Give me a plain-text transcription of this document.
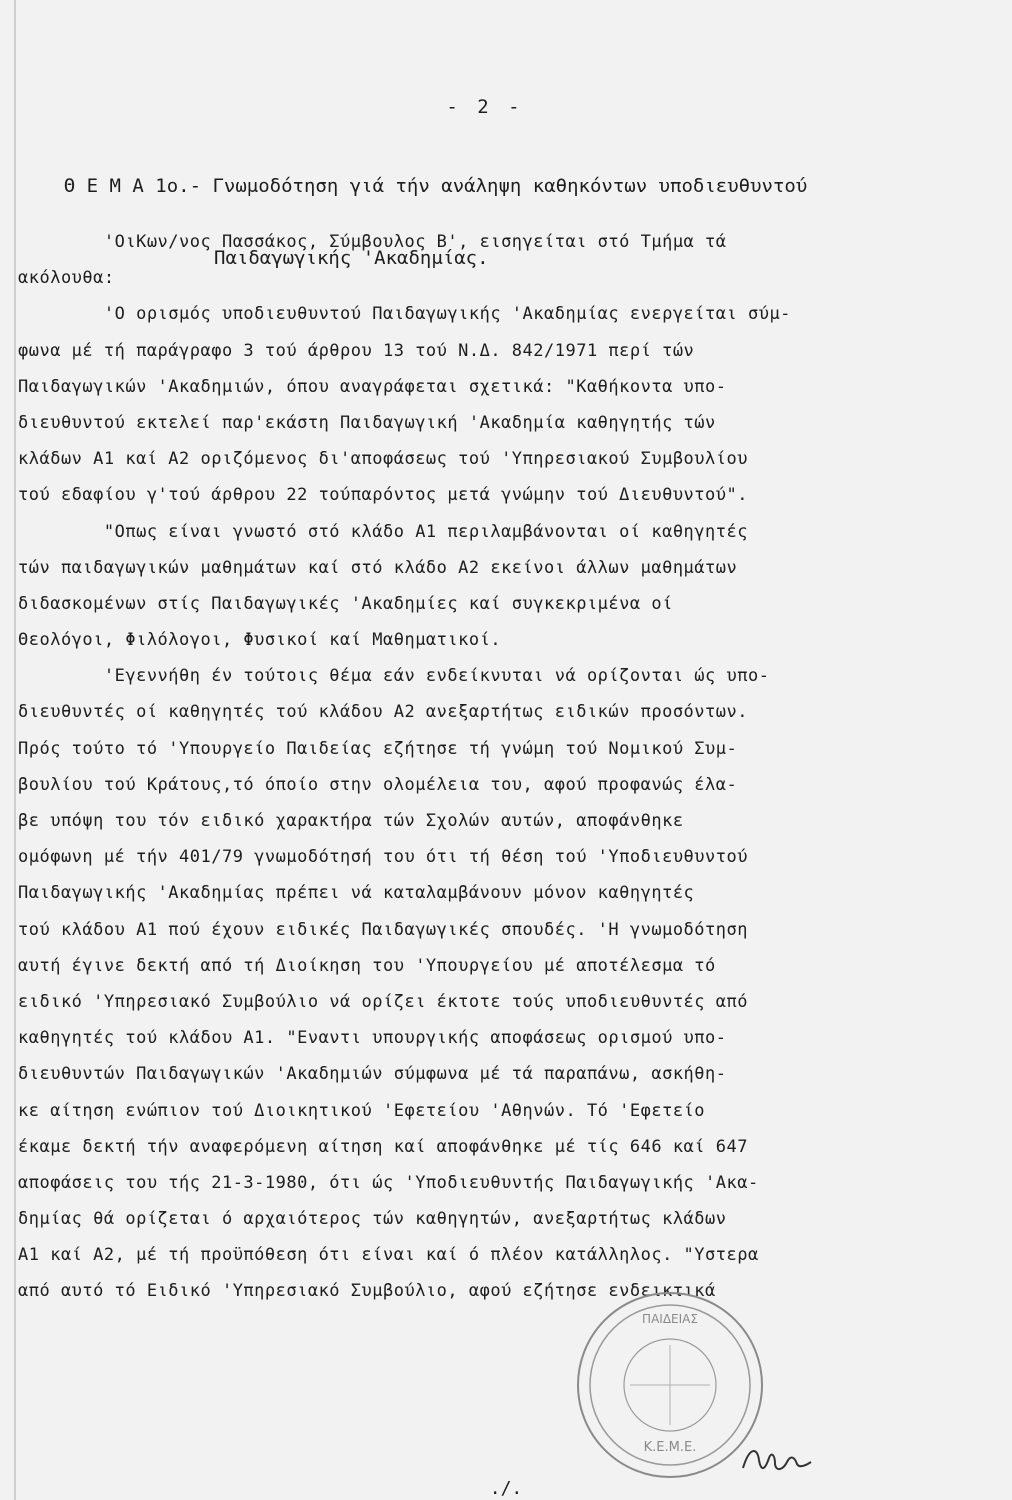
- 2 -

Θ Ε Μ Α 1ο.- Γνωμοδότηση γιά τήν ανάληψη καθηκόντων υποδιευθυντού

Παιδαγωγικής 'Ακαδημίας.

'ΟιΚων/νος Πασσάκος, Σύμβουλος Β', εισηγείται στό Τμήμα τά
ακόλουθα:
'Ο ορισμός υποδιευθυντού Παιδαγωγικής 'Ακαδημίας ενεργείται σύμ-
φωνα μέ τή παράγραφο 3 τού άρθρου 13 τού Ν.Δ. 842/1971 περί τών
Παιδαγωγικών 'Ακαδημιών, όπου αναγράφεται σχετικά: "Καθήκοντα υπο-
διευθυντού εκτελεί παρ'εκάστη Παιδαγωγική 'Ακαδημία καθηγητής τών
κλάδων Α1 καί Α2 οριζόμενος δι'αποφάσεως τού 'Υπηρεσιακού Συμβουλίου
τού εδαφίου γ'τού άρθρου 22 τούπαρόντος μετά γνώμην τού Διευθυντού".
"Οπως είναι γνωστό στό κλάδο Α1 περιλαμβάνονται οί καθηγητές
τών παιδαγωγικών μαθημάτων καί στό κλάδο Α2 εκείνοι άλλων μαθημάτων
διδασκομένων στίς Παιδαγωγικές 'Ακαδημίες καί συγκεκριμένα οί
Θεολόγοι, Φιλόλογοι, Φυσικοί καί Μαθηματικοί.
'Εγεννήθη έν τούτοις θέμα εάν ενδείκνυται νά ορίζονται ώς υπο-
διευθυντές οί καθηγητές τού κλάδου Α2 ανεξαρτήτως ειδικών προσόντων.
Πρός τούτο τό 'Υπουργείο Παιδείας εζήτησε τή γνώμη τού Νομικού Συμ-
βουλίου τού Κράτους,τό όποίο στην ολομέλεια του, αφού προφανώς έλα-
βε υπόψη του τόν ειδικό χαρακτήρα τών Σχολών αυτών, αποφάνθηκε
ομόφωνη μέ τήν 401/79 γνωμοδότησή του ότι τή θέση τού 'Υποδιευθυντού
Παιδαγωγικής 'Ακαδημίας πρέπει νά καταλαμβάνουν μόνον καθηγητές
τού κλάδου Α1 πού έχουν ειδικές Παιδαγωγικές σπουδές. 'Η γνωμοδότηση
αυτή έγινε δεκτή από τή Διοίκηση του 'Υπουργείου μέ αποτέλεσμα τό
ειδικό 'Υπηρεσιακό Συμβούλιο νά ορίζει έκτοτε τούς υποδιευθυντές από
καθηγητές τού κλάδου Α1. "Εναντι υπουργικής αποφάσεως ορισμού υπο-
διευθυντών Παιδαγωγικών 'Ακαδημιών σύμφωνα μέ τά παραπάνω, ασκήθη-
κε αίτηση ενώπιον τού Διοικητικού 'Εφετείου 'Αθηνών. Τό 'Εφετείο
έκαμε δεκτή τήν αναφερόμενη αίτηση καί αποφάνθηκε μέ τίς 646 καί 647
αποφάσεις του τής 21-3-1980, ότι ώς 'Υποδιευθυντής Παιδαγωγικής 'Ακα-
δημίας θά ορίζεται ό αρχαιότερος τών καθηγητών, ανεξαρτήτως κλάδων
Α1 καί Α2, μέ τή προϋπόθεση ότι είναι καί ό πλέον κατάλληλος. "Υστερα
από αυτό τό Ειδικό 'Υπηρεσιακό Συμβούλιο, αφού εζήτησε ενδεικτικά
ΠΑΙΔΕΙΑΣ
Κ.Ε.Μ.Ε.
./.
